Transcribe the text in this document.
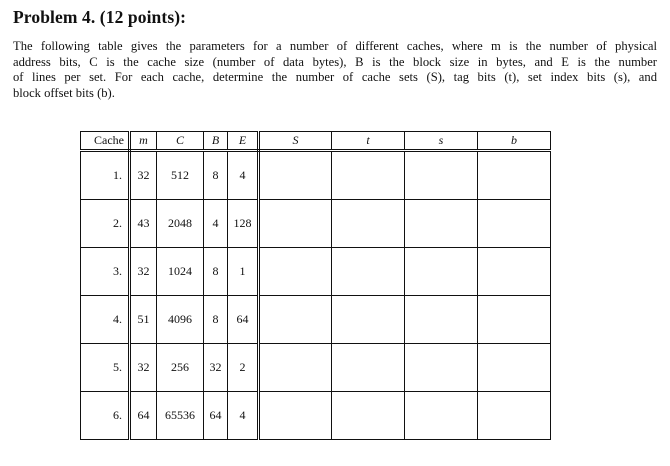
Problem 4. (12 points):
The following table gives the parameters for a number of different caches, where m is the number of physical
address bits, C is the cache size (number of data bytes), B is the block size in bytes, and E is the number
of lines per set. For each cache, determine the number of cache sets (S), tag bits (t), set index bits (s), and
block offset bits (b).
Cache	m	C	B	E	S	t	s	b
1.	32	512	8	4				
2.	43	2048	4	128				
3.	32	1024	8	1				
4.	51	4096	8	64				
5.	32	256	32	2				
6.	64	65536	64	4				
